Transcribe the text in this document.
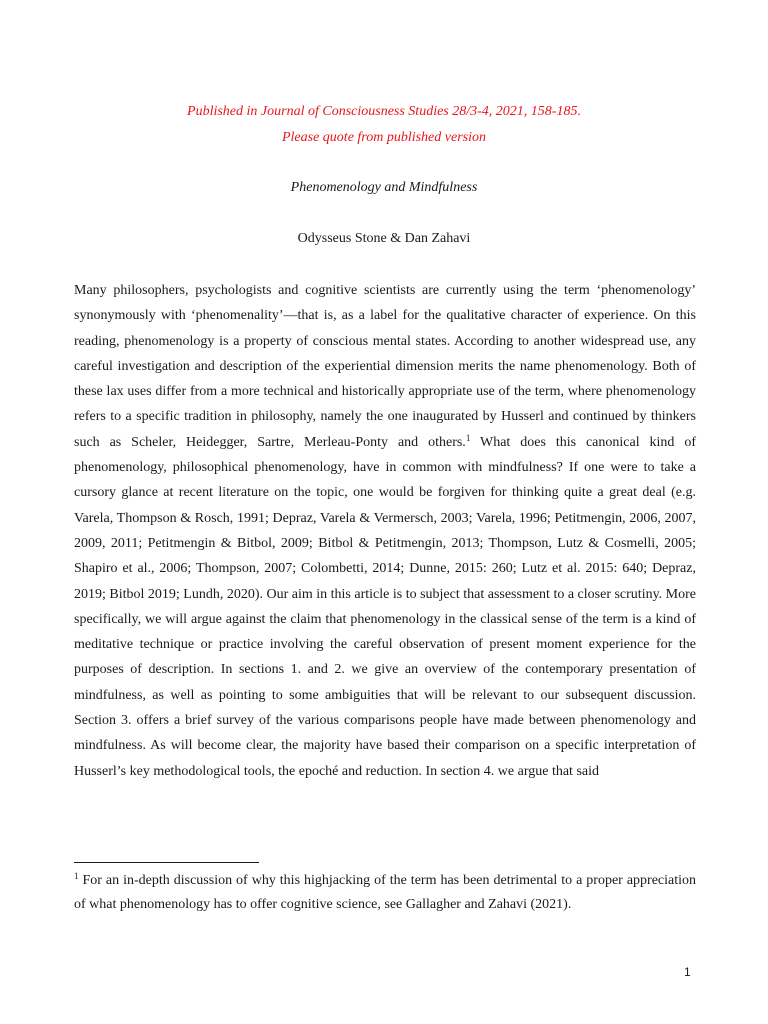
Published in Journal of Consciousness Studies 28/3-4, 2021, 158-185.
Please quote from published version
Phenomenology and Mindfulness
Odysseus Stone & Dan Zahavi

Many philosophers, psychologists and cognitive scientists are currently using the term ‘phenomenology’ synonymously with ‘phenomenality’—that is, as a label for the qualitative character of experience. On this reading, phenomenology is a property of conscious mental states. According to another widespread use, any careful investigation and description of the experiential dimension merits the name phenomenology. Both of these lax uses differ from a more technical and historically appropriate use of the term, where phenomenology refers to a specific tradition in philosophy, namely the one inaugurated by Husserl and continued by thinkers such as Scheler, Heidegger, Sartre, Merleau-Ponty and others.$^1$ What does this canonical kind of phenomenology, philosophical phenomenology, have in common with mindfulness? If one were to take a cursory glance at recent literature on the topic, one would be forgiven for thinking quite a great deal (e.g. Varela, Thompson & Rosch, 1991; Depraz, Varela & Vermersch, 2003; Varela, 1996; Petitmengin, 2006, 2007, 2009, 2011; Petitmengin & Bitbol, 2009; Bitbol & Petitmengin, 2013; Thompson, Lutz & Cosmelli, 2005; Shapiro et al., 2006; Thompson, 2007; Colombetti, 2014; Dunne, 2015: 260; Lutz et al. 2015: 640; Depraz, 2019; Bitbol 2019; Lundh, 2020). Our aim in this article is to subject that assessment to a closer scrutiny. More specifically, we will argue against the claim that phenomenology in the classical sense of the term is a kind of meditative technique or practice involving the careful observation of present moment experience for the purposes of description. In sections 1. and 2. we give an overview of the contemporary presentation of mindfulness, as well as pointing to some ambiguities that will be relevant to our subsequent discussion. Section 3. offers a brief survey of the various comparisons people have made between phenomenology and mindfulness. As will become clear, the majority have based their comparison on a specific interpretation of Husserl’s key methodological tools, the epoché and reduction. In section 4. we argue that said

$^1$ For an in-depth discussion of why this highjacking of the term has been detrimental to a proper appreciation of what phenomenology has to offer cognitive science, see Gallagher and Zahavi (2021).

1
